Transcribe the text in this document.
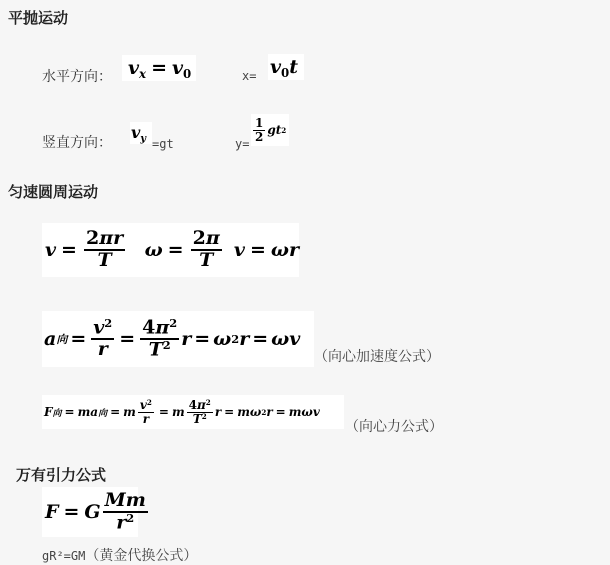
平抛运动
水平方向： $v_x = v_0$	$x= v_0t$
竖直方向：
$v_y =gt$	y=
$\frac{1}{2}$ gt 2
匀速圆周运动
$v = \frac{2\pi r}{T}$ $\omega = \frac{2\pi}{T}$ v = ωr
a 向 = $\frac{v^2}{r} = \frac{4\pi^2}{T^2}$ r = ω 2 r = ωv
（向心加速度公式）
F 向 = ma 向 = m $\frac{v^2}{r} = m \frac{4\pi^2}{T^2}$ r = mω 2 r = mωv
（向心力公式）
万有引力公式
F = G $\frac{Mm}{r^2}$
gR²=GM（黄金代换公式）
